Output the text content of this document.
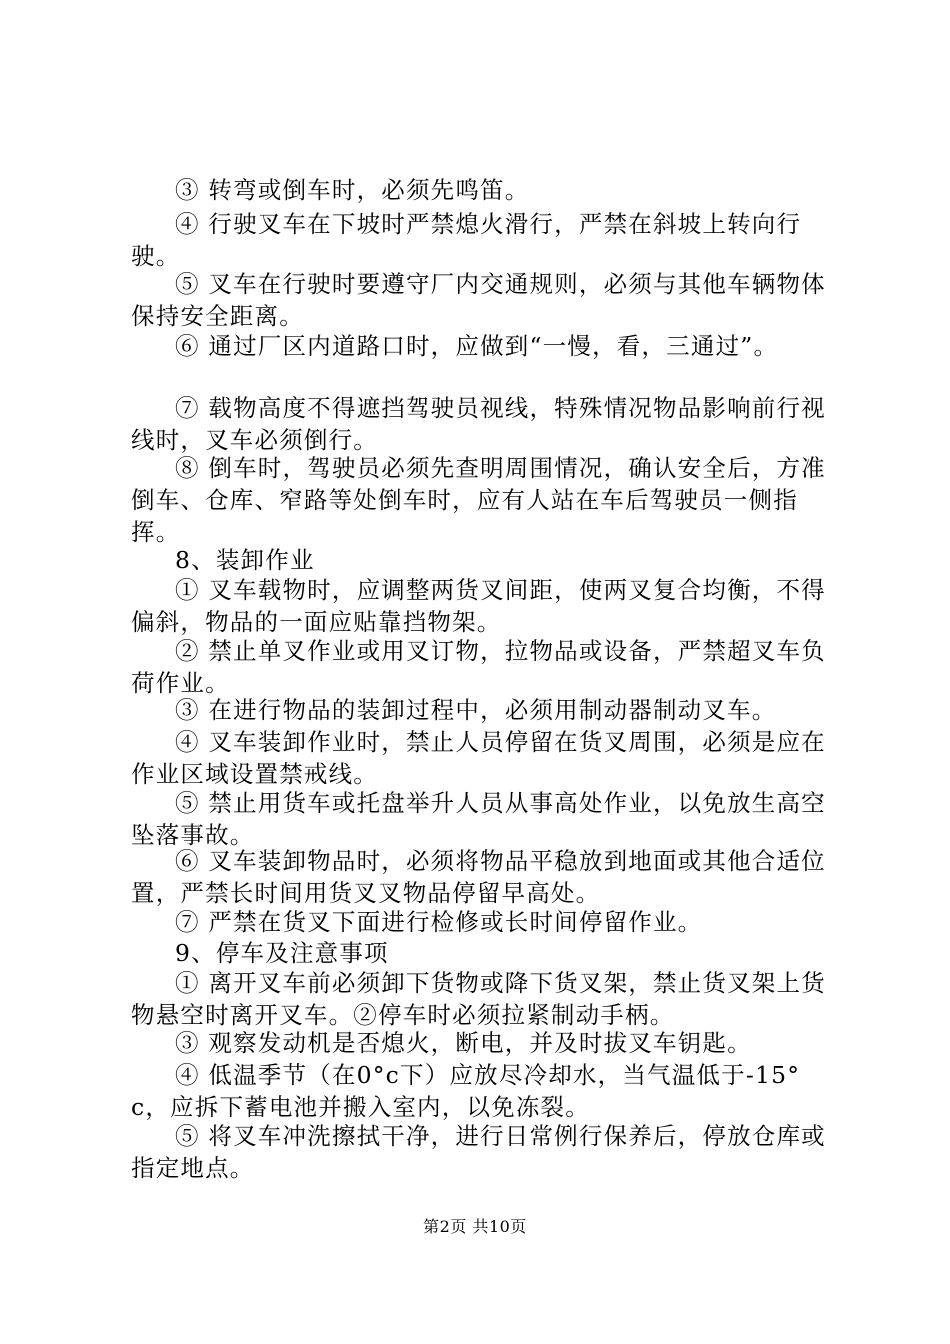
③ 转弯或倒车时，必须先鸣笛。

④ 行驶叉车在下坡时严禁熄火滑行，严禁在斜坡上转向行驶。

⑤ 叉车在行驶时要遵守厂内交通规则，必须与其他车辆物体保持安全距离。

⑥ 通过厂区内道路口时，应做到“一慢，看，三通过”。

⑦ 载物高度不得遮挡驾驶员视线，特殊情况物品影响前行视线时，叉车必须倒行。

⑧ 倒车时，驾驶员必须先查明周围情况，确认安全后，方准倒车、仓库、窄路等处倒车时，应有人站在车后驾驶员一侧指挥。

8、装卸作业

① 叉车载物时，应调整两货叉间距，使两叉复合均衡，不得偏斜，物品的一面应贴靠挡物架。

② 禁止单叉作业或用叉订物，拉物品或设备，严禁超叉车负荷作业。

③ 在进行物品的装卸过程中，必须用制动器制动叉车。

④ 叉车装卸作业时，禁止人员停留在货叉周围，必须是应在作业区域设置禁戒线。

⑤ 禁止用货车或托盘举升人员从事高处作业，以免放生高空坠落事故。

⑥ 叉车装卸物品时，必须将物品平稳放到地面或其他合适位置，严禁长时间用货叉叉物品停留早高处。

⑦ 严禁在货叉下面进行检修或长时间停留作业。

9、停车及注意事项

① 离开叉车前必须卸下货物或降下货叉架，禁止货叉架上货物悬空时离开叉车。②停车时必须拉紧制动手柄。

③ 观察发动机是否熄火，断电，并及时拔叉车钥匙。

④ 低温季节（在0°c下）应放尽冷却水，当气温低于-15°c，应拆下蓄电池并搬入室内，以免冻裂。

⑤ 将叉车冲洗擦拭干净，进行日常例行保养后，停放仓库或指定地点。

第2页 共10页
